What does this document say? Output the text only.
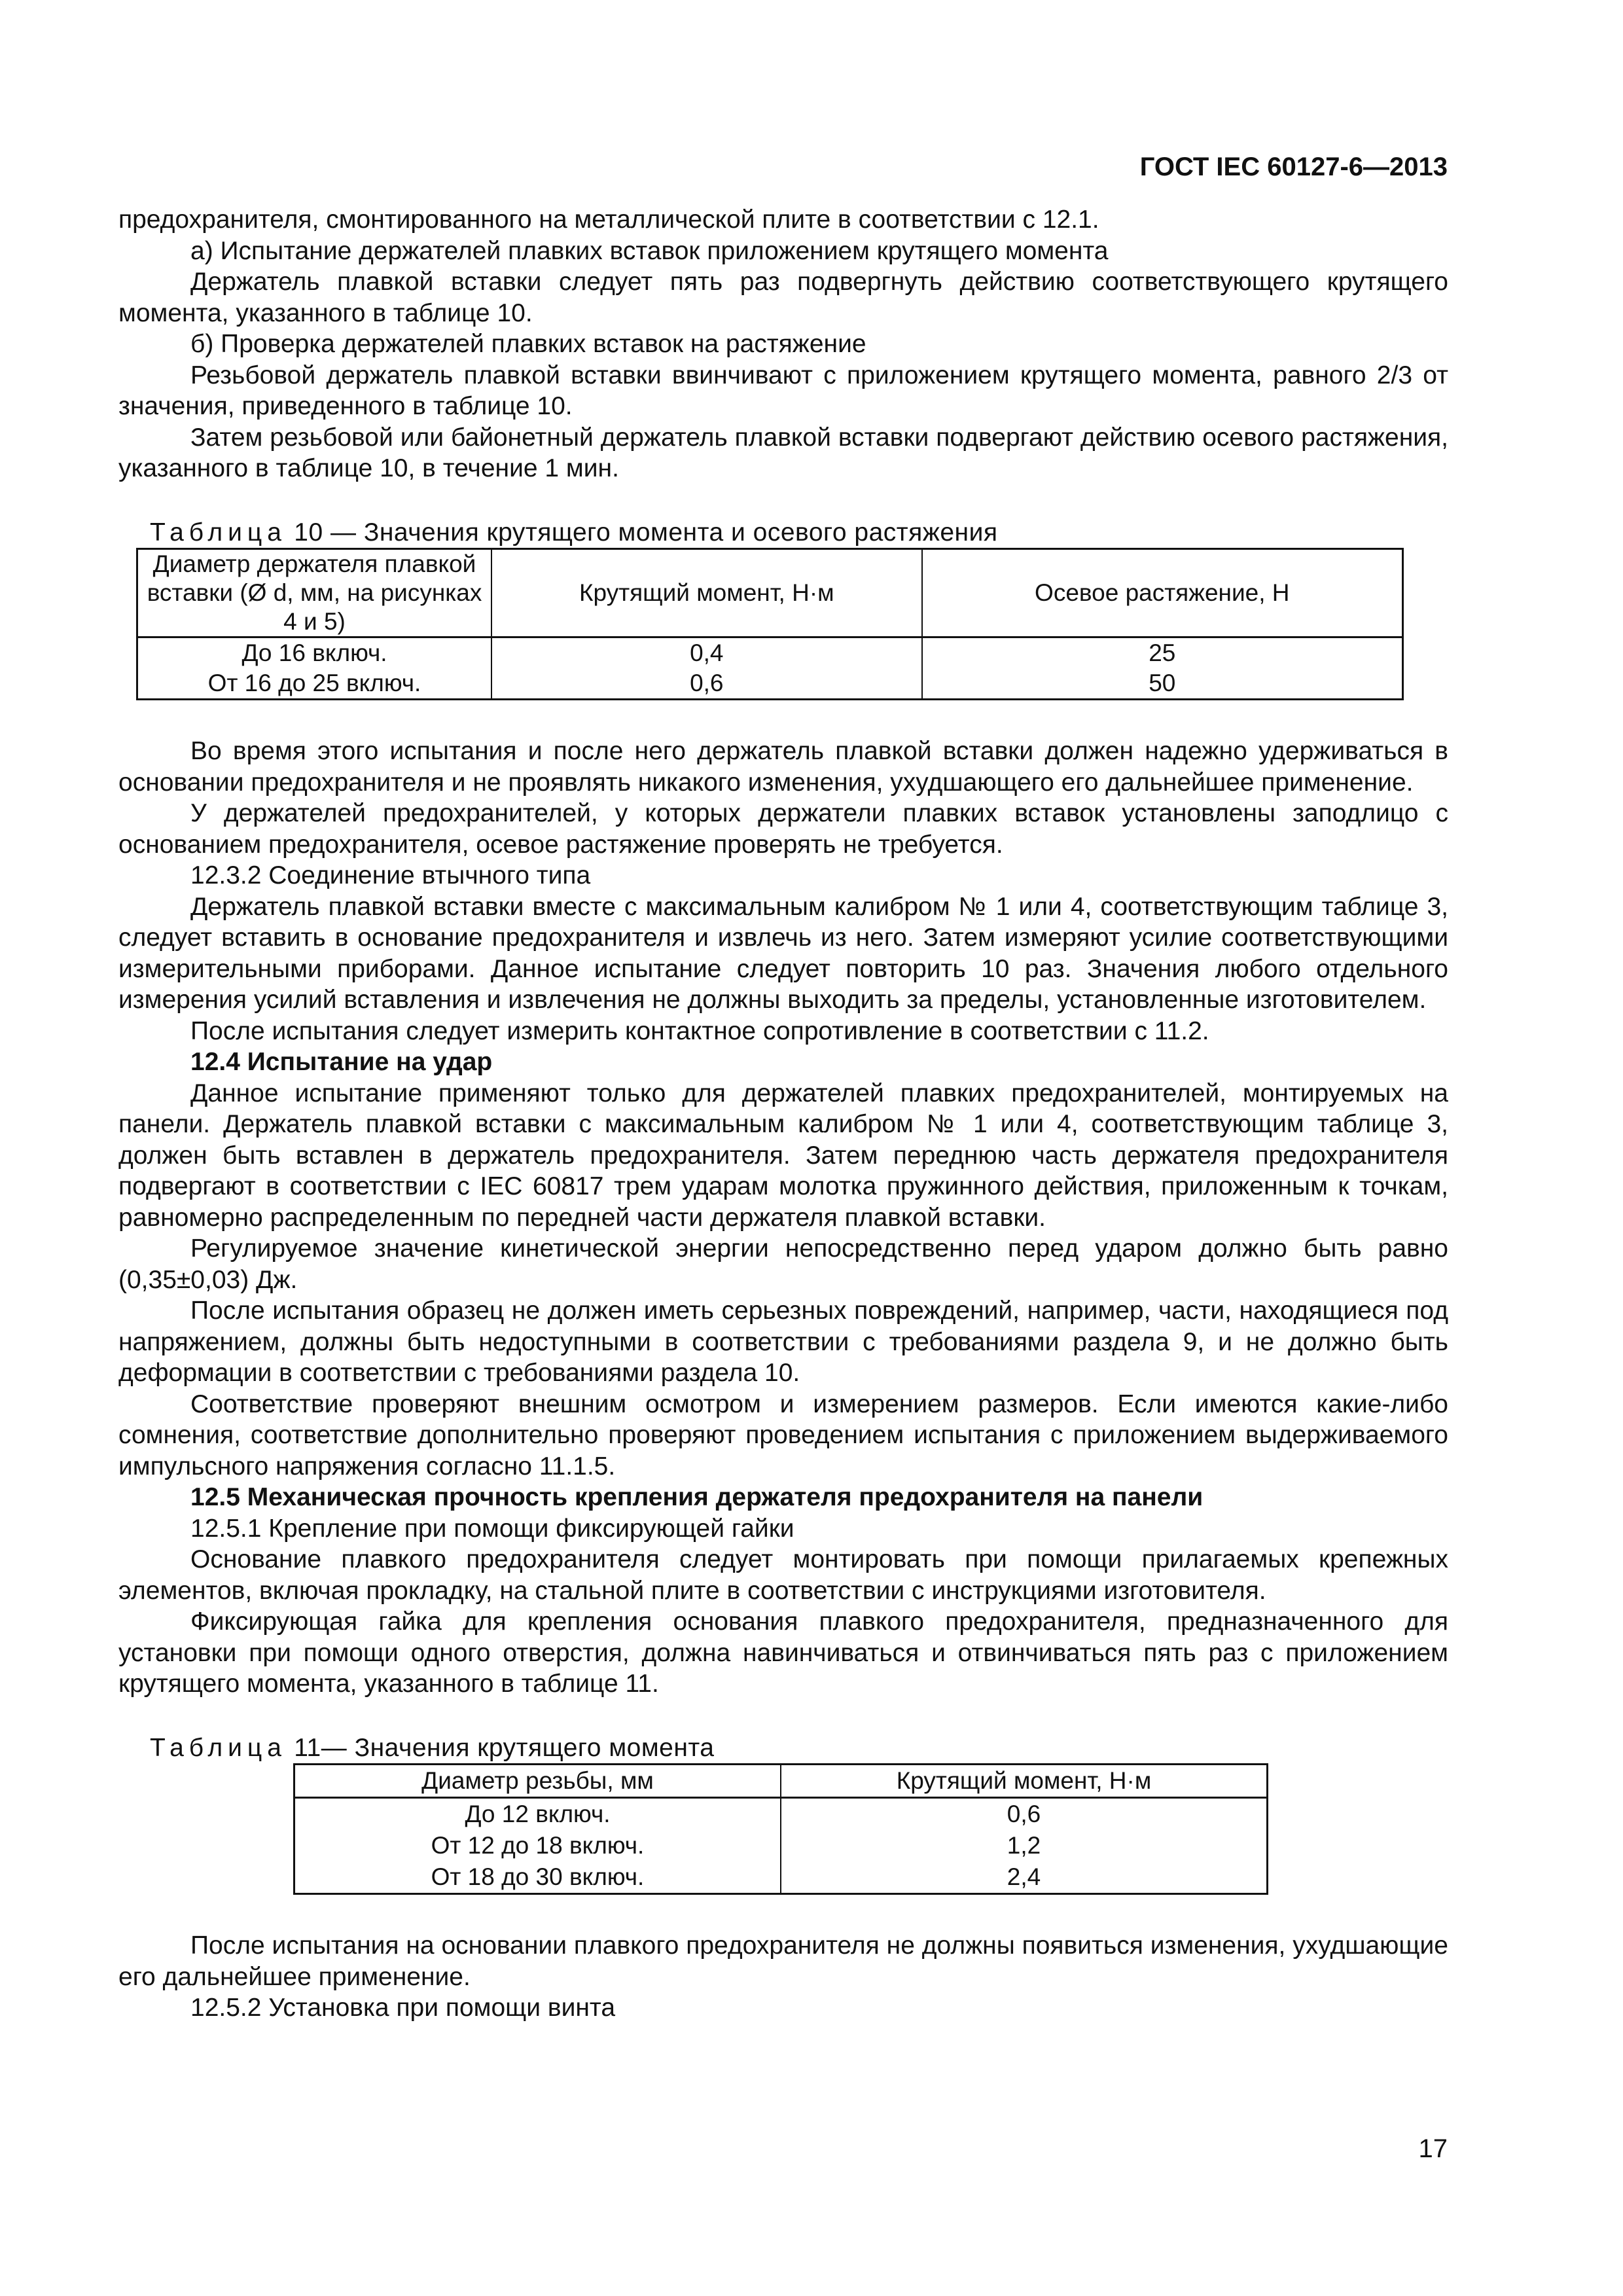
ГОСТ IEC 60127-6—2013

предохранителя, смонтированного на металлической плите в соответствии с 12.1.

а) Испытание держателей плавких вставок приложением крутящего момента

Держатель плавкой вставки следует пять раз подвергнуть действию соответствующего крутящего момента, указанного в таблице 10.

б) Проверка держателей плавких вставок на растяжение

Резьбовой держатель плавкой вставки ввинчивают с приложением крутящего момента, равного 2/3 от значения, приведенного в таблице 10.

Затем резьбовой или байонетный держатель плавкой вставки подвергают действию осевого растяжения, указанного в таблице 10, в течение 1 мин.

Таблица 10 — Значения крутящего момента и осевого растяжения
Диаметр держателя плавкой вставки (Ø d, мм, на рисунках 4 и 5)	Крутящий момент, Н·м	Осевое растяжение, Н
До 16 включ.	0,4	25
От 16 до 25 включ.	0,6	50

Во время этого испытания и после него держатель плавкой вставки должен надежно удерживаться в основании предохранителя и не проявлять никакого изменения, ухудшающего его дальнейшее применение.

У держателей предохранителей, у которых держатели плавких вставок установлены заподлицо с основанием предохранителя, осевое растяжение проверять не требуется.

12.3.2 Соединение втычного типа

Держатель плавкой вставки вместе с максимальным калибром № 1 или 4, соответствующим таблице 3, следует вставить в основание предохранителя и извлечь из него. Затем измеряют усилие соответствующими измерительными приборами. Данное испытание следует повторить 10 раз. Значения любого отдельного измерения усилий вставления и извлечения не должны выходить за пределы, установленные изготовителем.

После испытания следует измерить контактное сопротивление в соответствии с 11.2.

12.4 Испытание на удар

Данное испытание применяют только для держателей плавких предохранителей, монтируемых на панели. Держатель плавкой вставки с максимальным калибром № 1 или 4, соответствующим таблице 3, должен быть вставлен в держатель предохранителя. Затем переднюю часть держателя предохранителя подвергают в соответствии с IEC 60817 трем ударам молотка пружинного действия, приложенным к точкам, равномерно распределенным по передней части держателя плавкой вставки.

Регулируемое значение кинетической энергии непосредственно перед ударом должно быть равно (0,35±0,03) Дж.

После испытания образец не должен иметь серьезных повреждений, например, части, находящиеся под напряжением, должны быть недоступными в соответствии с требованиями раздела 9, и не должно быть деформации в соответствии с требованиями раздела 10.

Соответствие проверяют внешним осмотром и измерением размеров. Если имеются какие-либо сомнения, соответствие дополнительно проверяют проведением испытания с приложением выдерживаемого импульсного напряжения согласно 11.1.5.

12.5 Механическая прочность крепления держателя предохранителя на панели

12.5.1 Крепление при помощи фиксирующей гайки

Основание плавкого предохранителя следует монтировать при помощи прилагаемых крепежных элементов, включая прокладку, на стальной плите в соответствии с инструкциями изготовителя.

Фиксирующая гайка для крепления основания плавкого предохранителя, предназначенного для установки при помощи одного отверстия, должна навинчиваться и отвинчиваться пять раз с приложением крутящего момента, указанного в таблице 11.

Таблица 11— Значения крутящего момента
Диаметр резьбы, мм	Крутящий момент, Н·м
До 12 включ.	0,6
От 12 до 18 включ.	1,2
От 18 до 30 включ.	2,4

После испытания на основании плавкого предохранителя не должны появиться изменения, ухудшающие его дальнейшее применение.

12.5.2 Установка при помощи винта

17
